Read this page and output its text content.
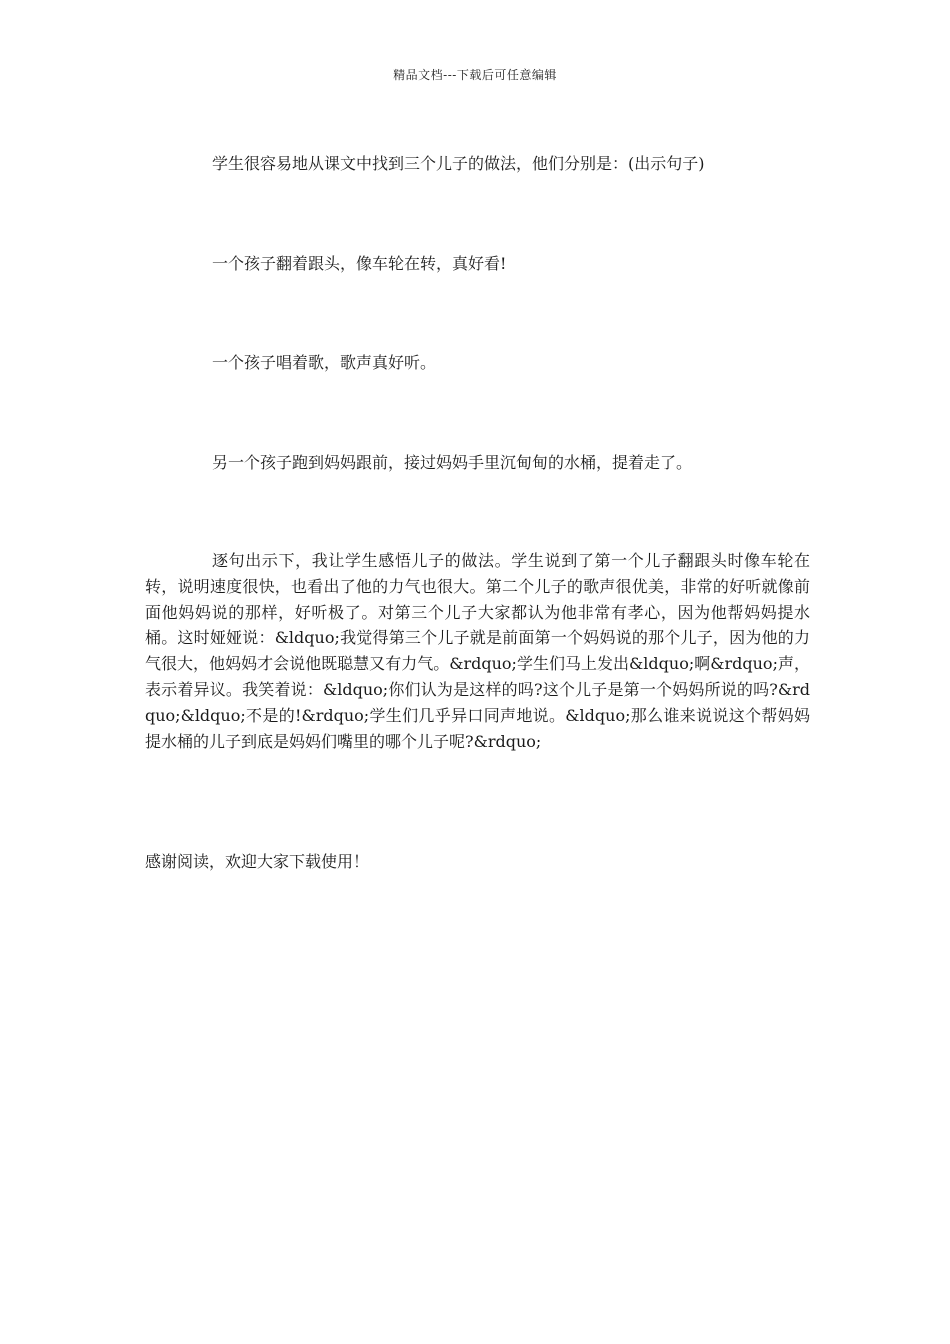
精品文档---下载后可任意编辑
学生很容易地从课文中找到三个儿子的做法，他们分别是：(出示句子)
一个孩子翻着跟头，像车轮在转，真好看!
一个孩子唱着歌，歌声真好听。
另一个孩子跑到妈妈跟前，接过妈妈手里沉甸甸的水桶，提着走了。
逐句出示下，我让学生感悟儿子的做法。学生说到了第一个儿子翻跟头时像车轮在转，说明速度很快，也看出了他的力气也很大。第二个儿子的歌声很优美，非常的好听就像前面他妈妈说的那样，好听极了。对第三个儿子大家都认为他非常有孝心，因为他帮妈妈提水桶。这时娅娅说：&ldquo;我觉得第三个儿子就是前面第一个妈妈说的那个儿子，因为他的力气很大，他妈妈才会说他既聪慧又有力气。&rdquo;学生们马上发出&ldquo;啊&rdquo;声，表示着异议。我笑着说：&ldquo;你们认为是这样的吗?这个儿子是第一个妈妈所说的吗?&rdquo;&ldquo;不是的!&rdquo;学生们几乎异口同声地说。&ldquo;那么谁来说说这个帮妈妈提水桶的儿子到底是妈妈们嘴里的哪个儿子呢?&rdquo;
感谢阅读，欢迎大家下载使用！
